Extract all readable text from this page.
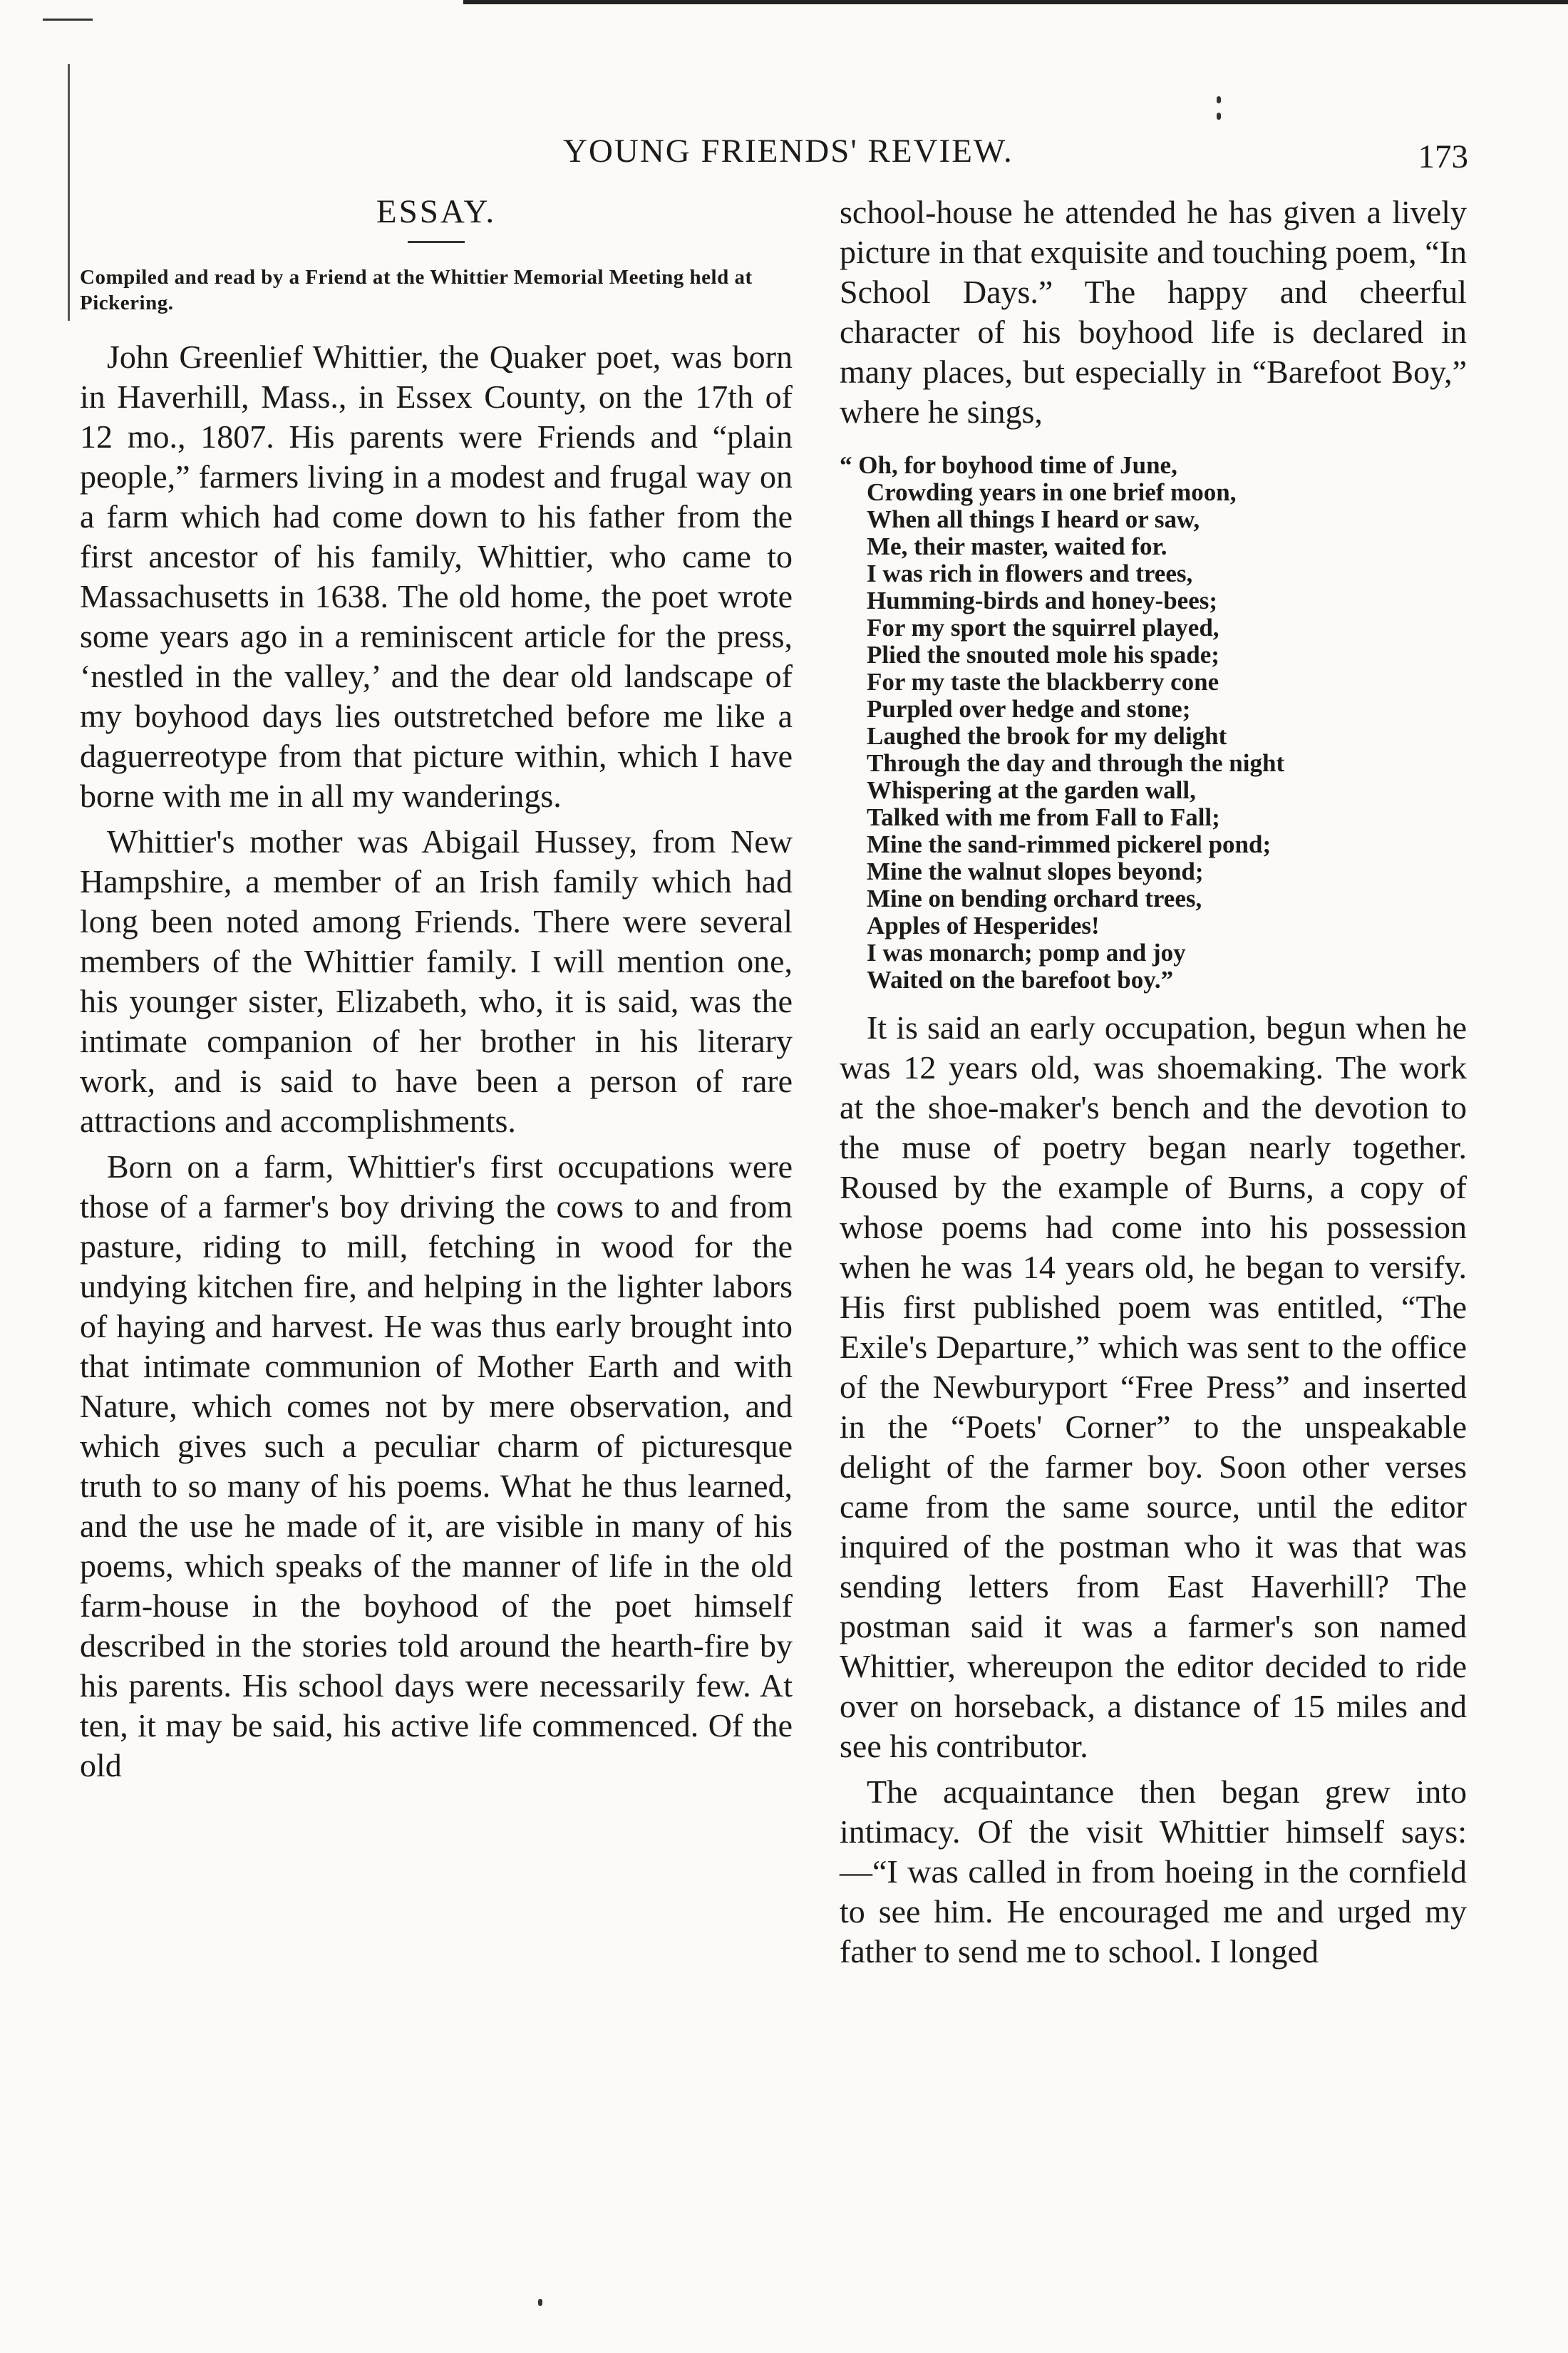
YOUNG FRIENDS' REVIEW.	173
ESSAY.

Compiled and read by a Friend at the Whittier Memorial Meeting held at Pickering.

John Greenlief Whittier, the Quaker poet, was born in Haverhill, Mass., in Essex County, on the 17th of 12 mo., 1807. His parents were Friends and “plain people,” farmers living in a modest and frugal way on a farm which had come down to his father from the first ancestor of his family, Whittier, who came to Massachusetts in 1638. The old home, the poet wrote some years ago in a reminiscent article for the press, ‘nestled in the valley,’ and the dear old landscape of my boyhood days lies outstretched before me like a daguerreotype from that picture within, which I have borne with me in all my wanderings.

Whittier's mother was Abigail Hussey, from New Hampshire, a member of an Irish family which had long been noted among Friends. There were several members of the Whittier family. I will mention one, his younger sister, Elizabeth, who, it is said, was the intimate companion of her brother in his literary work, and is said to have been a person of rare attractions and accomplishments.

Born on a farm, Whittier's first occupations were those of a farmer's boy driving the cows to and from pasture, riding to mill, fetching in wood for the undying kitchen fire, and helping in the lighter labors of haying and harvest. He was thus early brought into that intimate communion of Mother Earth and with Nature, which comes not by mere observation, and which gives such a peculiar charm of picturesque truth to so many of his poems. What he thus learned, and the use he made of it, are visible in many of his poems, which speaks of the manner of life in the old farm-house in the boyhood of the poet himself described in the stories told around the hearth-fire by his parents. His school days were necessarily few. At ten, it may be said, his active life commenced. Of the old

school-house he attended he has given a lively picture in that exquisite and touching poem, “In School Days.” The happy and cheerful character of his boyhood life is declared in many places, but especially in “Barefoot Boy,” where he sings,

“ Oh, for boyhood time of June,

Crowding years in one brief moon,

When all things I heard or saw,

Me, their master, waited for.

I was rich in flowers and trees,

Humming-birds and honey-bees;

For my sport the squirrel played,

Plied the snouted mole his spade;

For my taste the blackberry cone

Purpled over hedge and stone;

Laughed the brook for my delight

Through the day and through the night

Whispering at the garden wall,

Talked with me from Fall to Fall;

Mine the sand-rimmed pickerel pond;

Mine the walnut slopes beyond;

Mine on bending orchard trees,

Apples of Hesperides!

I was monarch; pomp and joy

Waited on the barefoot boy.”

It is said an early occupation, begun when he was 12 years old, was shoemaking. The work at the shoe-maker's bench and the devotion to the muse of poetry began nearly together. Roused by the example of Burns, a copy of whose poems had come into his possession when he was 14 years old, he began to versify. His first published poem was entitled, “The Exile's Departure,” which was sent to the office of the Newburyport “Free Press” and inserted in the “Poets' Corner” to the unspeakable delight of the farmer boy. Soon other verses came from the same source, until the editor inquired of the postman who it was that was sending letters from East Haverhill? The postman said it was a farmer's son named Whittier, whereupon the editor decided to ride over on horseback, a distance of 15 miles and see his contributor.

The acquaintance then began grew into intimacy. Of the visit Whittier himself says:—“I was called in from hoeing in the cornfield to see him. He encouraged me and urged my father to send me to school. I longed
